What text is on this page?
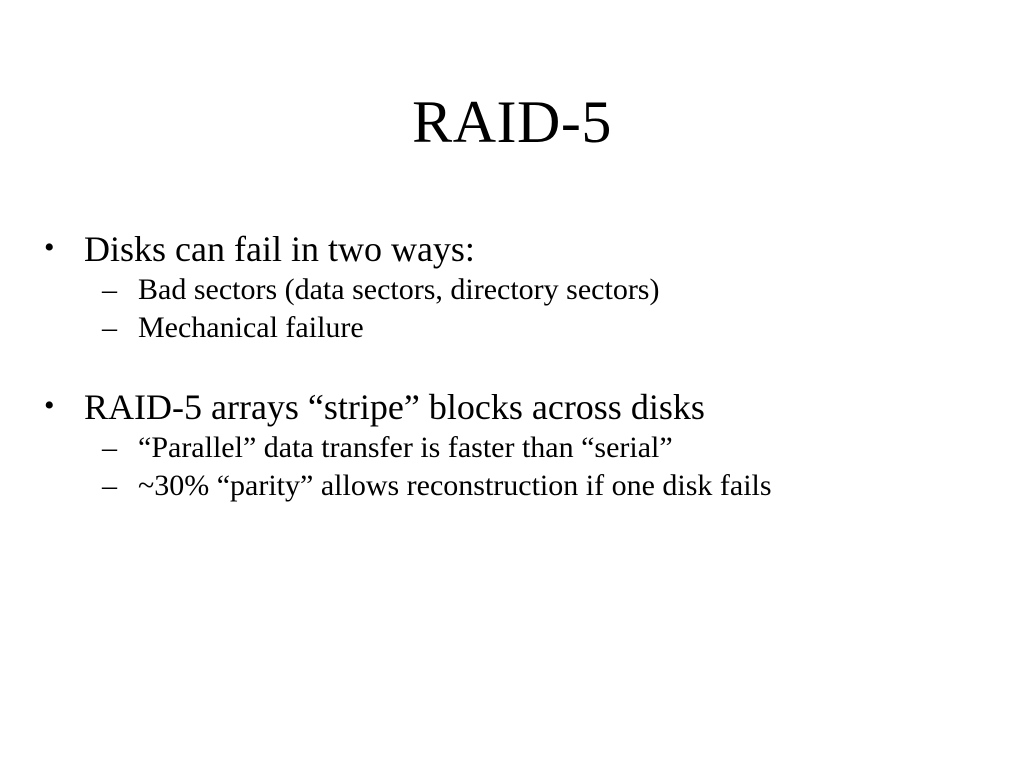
RAID-5
• Disks can fail in two ways:
– Bad sectors (data sectors, directory sectors)
– Mechanical failure
• RAID-5 arrays “stripe” blocks across disks
– “Parallel” data transfer is faster than “serial”
– ~30% “parity” allows reconstruction if one disk fails
